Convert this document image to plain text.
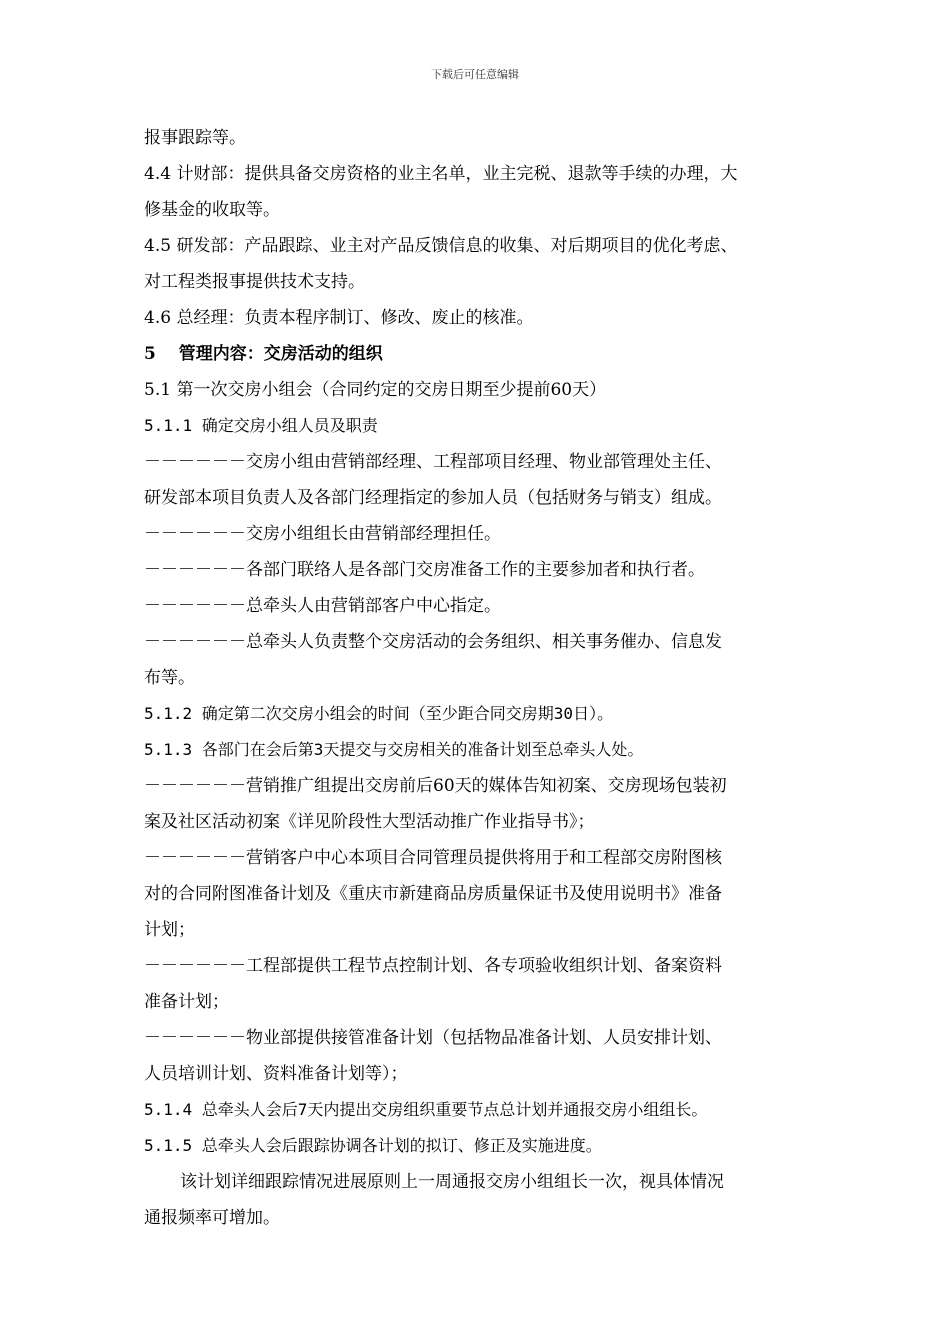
下载后可任意编辑
报事跟踪等。
4.4 计财部：提供具备交房资格的业主名单，业主完税、退款等手续的办理，大
修基金的收取等。
4.5 研发部：产品跟踪、业主对产品反馈信息的收集、对后期项目的优化考虑、
对工程类报事提供技术支持。
4.6 总经理：负责本程序制订、修改、废止的核准。
5　 管理内容：交房活动的组织
5.1 第一次交房小组会（合同约定的交房日期至少提前60天）
5.1.1 确定交房小组人员及职责
－－－－－－交房小组由营销部经理、工程部项目经理、物业部管理处主任、
研发部本项目负责人及各部门经理指定的参加人员（包括财务与销支）组成。
－－－－－－交房小组组长由营销部经理担任。
－－－－－－各部门联络人是各部门交房准备工作的主要参加者和执行者。
－－－－－－总牵头人由营销部客户中心指定。
－－－－－－总牵头人负责整个交房活动的会务组织、相关事务催办、信息发
布等。
5.1.2 确定第二次交房小组会的时间（至少距合同交房期30日）。
5.1.3 各部门在会后第3天提交与交房相关的准备计划至总牵头人处。
－－－－－－营销推广组提出交房前后60天的媒体告知初案、交房现场包装初
案及社区活动初案《详见阶段性大型活动推广作业指导书》；
－－－－－－营销客户中心本项目合同管理员提供将用于和工程部交房附图核
对的合同附图准备计划及《重庆市新建商品房质量保证书及使用说明书》准备
计划；
－－－－－－工程部提供工程节点控制计划、各专项验收组织计划、备案资料
准备计划；
－－－－－－物业部提供接管准备计划（包括物品准备计划、人员安排计划、
人员培训计划、资料准备计划等）；
5.1.4 总牵头人会后7天内提出交房组织重要节点总计划并通报交房小组组长。
5.1.5 总牵头人会后跟踪协调各计划的拟订、修正及实施进度。
该计划详细跟踪情况进展原则上一周通报交房小组组长一次，视具体情况
通报频率可增加。
